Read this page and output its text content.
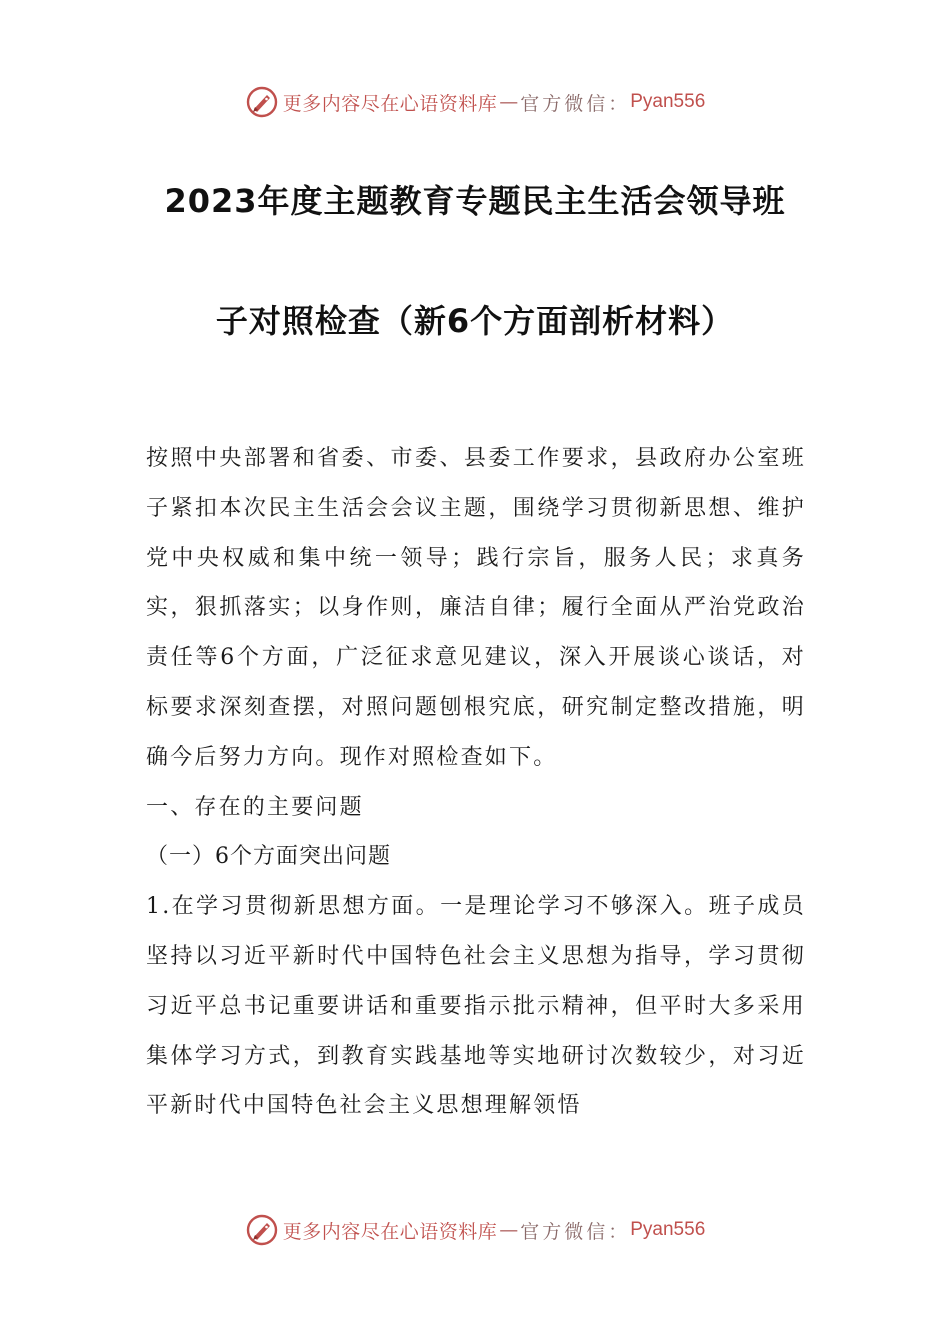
更多内容尽在心语资料库 — 官方微信： Pyan556
2023年度主题教育专题民主生活会领导班
子对照检查（新6个方面剖析材料）

按照中央部署和省委、市委、县委工作要求，县政府办公室班子紧扣本次民主生活会会议主题，围绕学习贯彻新思想、维护党中央权威和集中统一领导；践行宗旨，服务人民；求真务实，狠抓落实；以身作则，廉洁自律；履行全面从严治党政治责任等6个方面，广泛征求意见建议，深入开展谈心谈话，对标要求深刻查摆，对照问题刨根究底，研究制定整改措施，明确今后努力方向。现作对照检查如下。

一、存在的主要问题

（一）6个方面突出问题

1.在学习贯彻新思想方面。一是理论学习不够深入。班子成员坚持以习近平新时代中国特色社会主义思想为指导，学习贯彻习近平总书记重要讲话和重要指示批示精神，但平时大多采用集体学习方式，到教育实践基地等实地研讨次数较少，对习近平新时代中国特色社会主义思想理解领悟

更多内容尽在心语资料库 — 官方微信： Pyan556
